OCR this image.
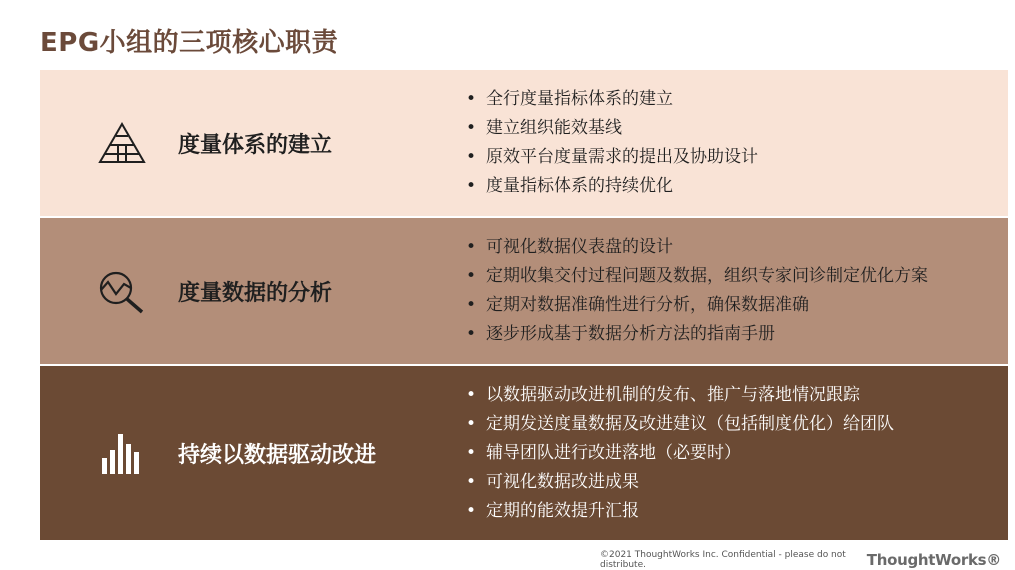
EPG小组的三项核心职责
度量体系的建立
• 全行度量指标体系的建立
• 建立组织能效基线
• 原效平台度量需求的提出及协助设计
• 度量指标体系的持续优化
度量数据的分析
• 可视化数据仪表盘的设计
• 定期收集交付过程问题及数据，组织专家问诊制定优化方案
• 定期对数据准确性进行分析，确保数据准确
• 逐步形成基于数据分析方法的指南手册
持续以数据驱动改进
• 以数据驱动改进机制的发布、推广与落地情况跟踪
• 定期发送度量数据及改进建议（包括制度优化）给团队
• 辅导团队进行改进落地（必要时）
• 可视化数据改进成果
• 定期的能效提升汇报
©2021 ThoughtWorks Inc. Confidential - please do not distribute.	ThoughtWorks®
